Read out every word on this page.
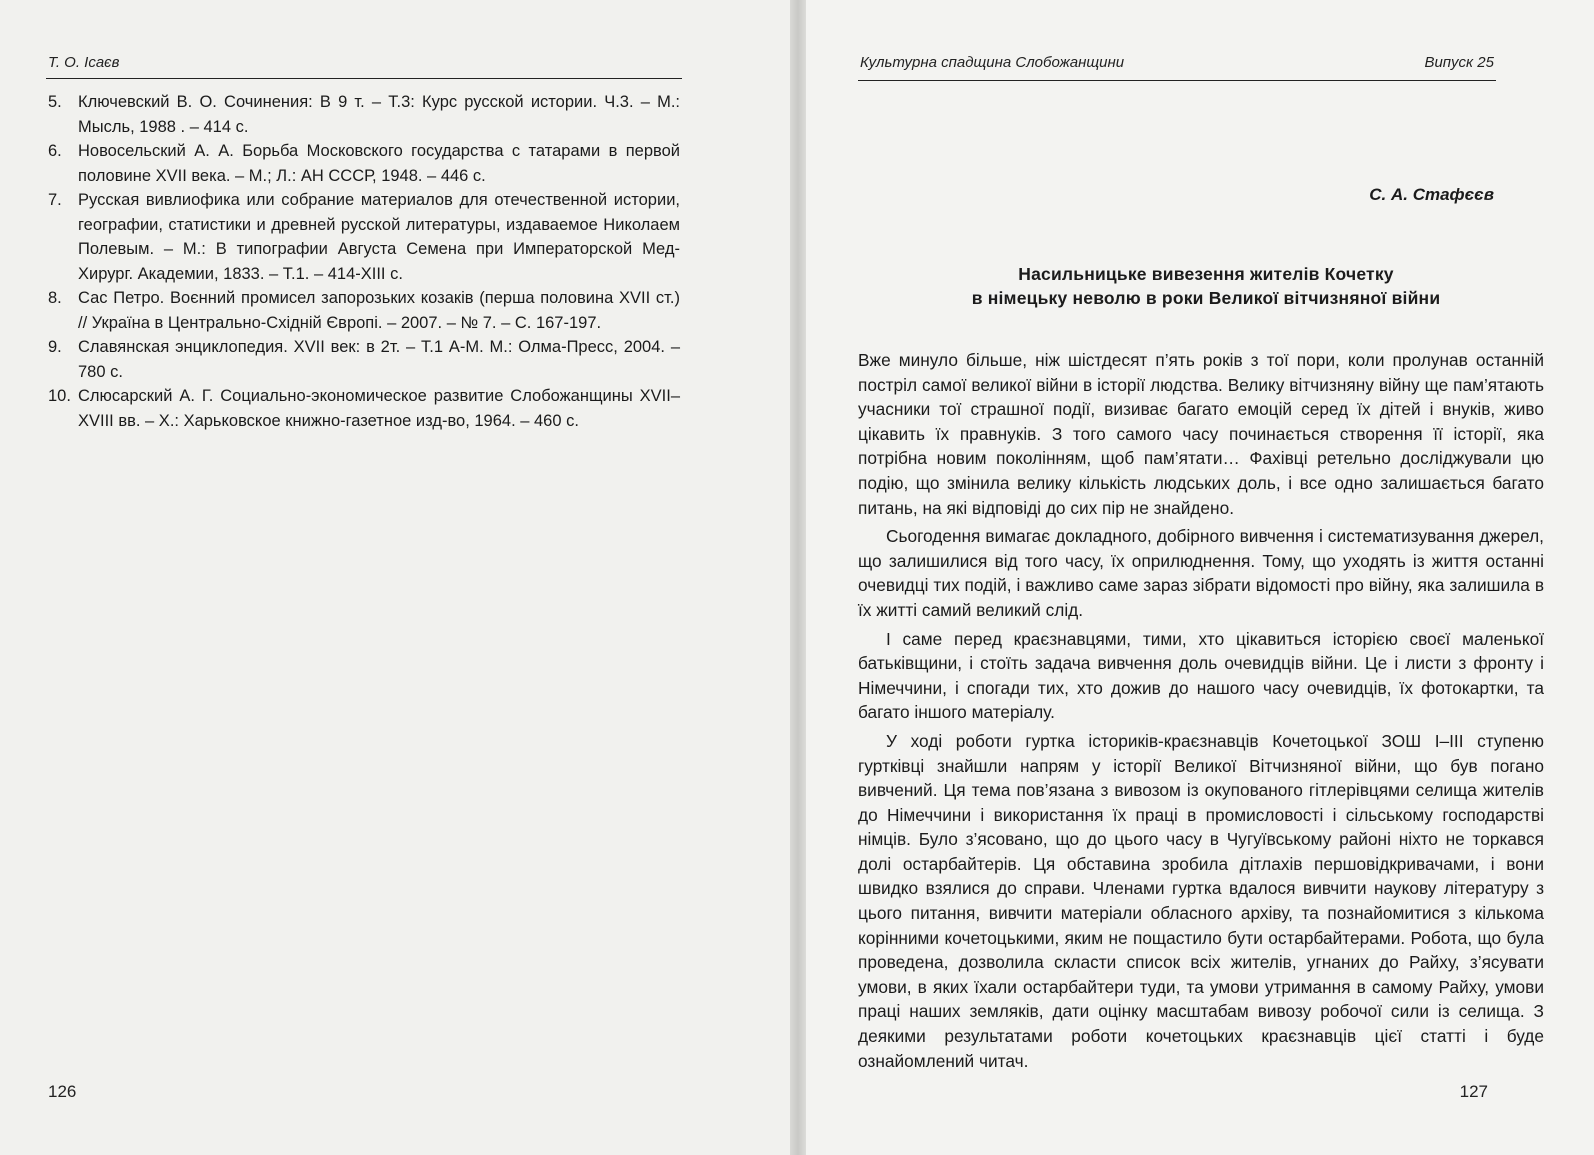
Т. О. Ісаєв
5. Ключевский В. О. Сочинения: В 9 т. – Т.3: Курс русской истории. Ч.3. – М.: Мысль, 1988 . – 414 с.
6. Новосельский А. А. Борьба Московского государства с татарами в первой половине XVII века. – М.; Л.: АН СССР, 1948. – 446 с.
7. Русская вивлиофика или собрание материалов для отечественной истории, географии, статистики и древней русской литературы, издаваемое Николаем Полевым. – М.: В типографии Августа Семена при Императорской Мед-Хирург. Академии, 1833. – Т.1. – 414-XIII с.
8. Сас Петро. Воєнний промисел запорозьких козаків (перша половина XVII ст.) // Україна в Центрально-Східній Європі. – 2007. – № 7. – С. 167-197.
9. Славянская энциклопедия. XVII век: в 2т. – Т.1 А-М. М.: Олма-Пресс, 2004. – 780 с.
10. Слюсарский А. Г. Социально-экономическое развитие Слобожанщины XVII–XVIII вв. – Х.: Харьковское книжно-газетное изд-во, 1964. – 460 с.
126
Культурна спадщина Слобожанщини	Випуск 25
С. А. Стафєєв
Насильницьке вивезення жителів Кочетку
в німецьку неволю в роки Великої вітчизняної війни

Вже минуло більше, ніж шістдесят п’ять років з тої пори, коли пролунав останній постріл самої великої війни в історії людства. Велику вітчизняну війну ще пам’ятають учасники тої страшної події, визиває багато емоцій серед їх дітей і внуків, живо цікавить їх правнуків. З того самого часу починається створення її історії, яка потрібна новим поколінням, щоб пам’ятати… Фахівці ретельно досліджували цю подію, що змінила велику кількість людських доль, і все одно залишається багато питань, на які відповіді до сих пір не знайдено.

Сьогодення вимагає докладного, добірного вивчення і систематизування джерел, що залишилися від того часу, їх оприлюднення. Тому, що уходять із життя останні очевидці тих подій, і важливо саме зараз зібрати відомості про війну, яка залишила в їх житті самий великий слід.

І саме перед краєзнавцями, тими, хто цікавиться історією своєї маленької батьківщини, і стоїть задача вивчення доль очевидців війни. Це і листи з фронту і Німеччини, і спогади тих, хто дожив до нашого часу очевидців, їх фотокартки, та багато іншого матеріалу.

У ході роботи гуртка істориків-краєзнавців Кочетоцької ЗОШ І–ІІІ ступеню гуртківці знайшли напрям у історії Великої Вітчизняної війни, що був погано вивчений. Ця тема пов’язана з вивозом із окупованого гітлерівцями селища жителів до Німеччини і використання їх праці в промисловості і сільському господарстві німців. Було з’ясовано, що до цього часу в Чугуївському районі ніхто не торкався долі остарбайтерів. Ця обставина зробила дітлахів першовідкривачами, і вони швидко взялися до справи. Членами гуртка вдалося вивчити наукову літературу з цього питання, вивчити матеріали обласного архіву, та познайомитися з кількома корінними кочетоцькими, яким не пощастило бути остарбайтерами. Робота, що була проведена, дозволила скласти список всіх жителів, угнаних до Райху, з’ясувати умови, в яких їхали остарбайтери туди, та умови утримання в самому Райху, умови праці наших земляків, дати оцінку масштабам вивозу робочої сили із селища. З деякими результатами роботи кочетоцьких краєзнавців цієї статті і буде ознайомлений читач.

127
